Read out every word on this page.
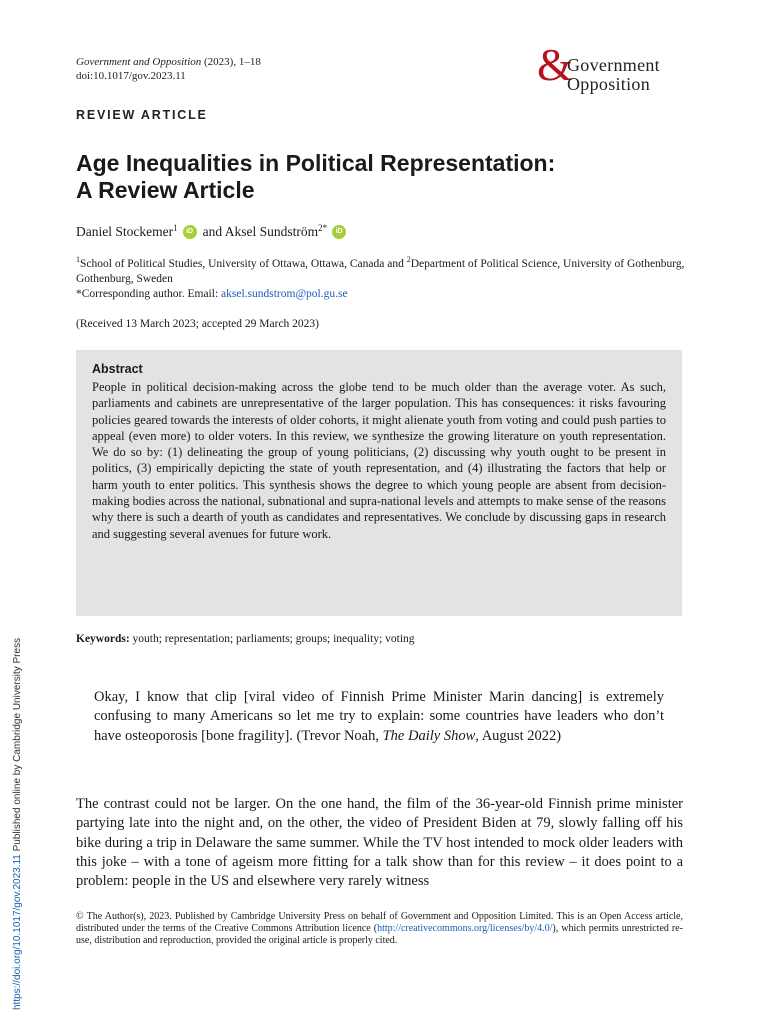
Government and Opposition (2023), 1–18
doi:10.1017/gov.2023.11	&
Government
Opposition
REVIEW ARTICLE
Age Inequalities in Political Representation:
A Review Article
Daniel Stockemer$^1$	iD and Aksel Sundström$^{2*}$	iD
$^1$School of Political Studies, University of Ottawa, Ottawa, Canada and $^2$Department of Political Science, University of Gothenburg, Gothenburg, Sweden
*Corresponding author. Email: aksel.sundstrom@pol.gu.se
(Received 13 March 2023; accepted 29 March 2023)
Abstract
People in political decision-making across the globe tend to be much older than the average voter. As such, parliaments and cabinets are unrepresentative of the larger population. This has consequences: it risks favouring policies geared towards the interests of older cohorts, it might alienate youth from voting and could push parties to appeal (even more) to older voters. In this review, we synthesize the growing literature on youth representation. We do so by: (1) delineating the group of young politicians, (2) discussing why youth ought to be present in politics, (3) empirically depicting the state of youth representation, and (4) illustrating the factors that help or harm youth to enter politics. This synthesis shows the degree to which young people are absent from decision-making bodies across the national, subnational and supra-national levels and attempts to make sense of the reasons why there is such a dearth of youth as candidates and representatives. We conclude by discussing gaps in research and suggesting several avenues for future work.
Keywords: youth; representation; parliaments; groups; inequality; voting
Okay, I know that clip [viral video of Finnish Prime Minister Marin dancing] is extremely confusing to many Americans so let me try to explain: some countries have leaders who don’t have osteoporosis [bone fragility]. (Trevor Noah, The Daily Show, August 2022)
The contrast could not be larger. On the one hand, the film of the 36-year-old Finnish prime minister partying late into the night and, on the other, the video of President Biden at 79, slowly falling off his bike during a trip in Delaware the same summer. While the TV host intended to mock older leaders with this joke – with a tone of ageism more fitting for a talk show than for this review – it does point to a problem: people in the US and elsewhere very rarely witness
© The Author(s), 2023. Published by Cambridge University Press on behalf of Government and Opposition Limited. This is an Open Access article, distributed under the terms of the Creative Commons Attribution licence (http://creativecommons.org/licenses/by/4.0/), which permits unrestricted re-use, distribution and reproduction, provided the original article is properly cited.
https://doi.org/10.1017/gov.2023.11 Published online by Cambridge University Press
